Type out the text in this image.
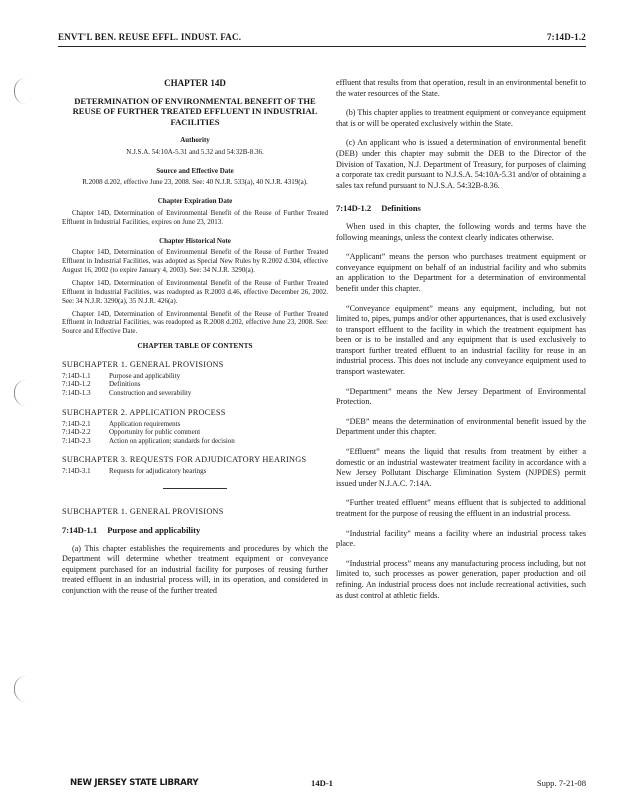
ENVT'L BEN. REUSE EFFL. INDUST. FAC.	7:14D-1.2
CHAPTER 14D
DETERMINATION OF ENVIRONMENTAL BENEFIT OF THE REUSE OF FURTHER TREATED EFFLUENT IN INDUSTRIAL FACILITIES
Authority
N.J.S.A. 54:10A-5.31 and 5.32 and 54:32B-8.36.
Source and Effective Date
R.2008 d.202, effective June 23, 2008. See: 40 N.J.R. 533(a), 40 N.J.R. 4319(a).
Chapter Expiration Date

Chapter 14D, Determination of Environmental Benefit of the Reuse of Further Treated Effluent in Industrial Facilities, expires on June 23, 2013.

Chapter Historical Note

Chapter 14D, Determination of Environmental Benefit of the Reuse of Further Treated Effluent in Industrial Facilities, was adopted as Special New Rules by R.2002 d.304, effective August 16, 2002 (to expire January 4, 2003). See: 34 N.J.R. 3290(a).

Chapter 14D, Determination of Environmental Benefit of the Reuse of Further Treated Effluent in Industrial Facilities, was readopted as R.2003 d.46, effective December 26, 2002. See: 34 N.J.R. 3290(a), 35 N.J.R. 426(a).

Chapter 14D, Determination of Environmental Benefit of the Reuse of Further Treated Effluent in Industrial Facilities, was readopted as R.2008 d.202, effective June 23, 2008. See: Source and Effective Date.

CHAPTER TABLE OF CONTENTS
SUBCHAPTER 1. GENERAL PROVISIONS
7:14D-1.1	Purpose and applicability
7:14D-1.2	Definitions
7:14D-1.3	Construction and severability
SUBCHAPTER 2. APPLICATION PROCESS
7:14D-2.1	Application requirements
7:14D-2.2	Opportunity for public comment
7:14D-2.3	Action on application; standards for decision
SUBCHAPTER 3. REQUESTS FOR ADJUDICATORY HEARINGS
7:14D-3.1	Requests for adjudicatory hearings
SUBCHAPTER 1. GENERAL PROVISIONS
7:14D-1.1 Purpose and applicability
(a) This chapter establishes the requirements and procedures by which the Department will determine whether treatment equipment or conveyance equipment purchased for an industrial facility for purposes of reusing further treated effluent in an industrial process will, in its operation, and considered in conjunction with the reuse of the further treated
effluent that results from that operation, result in an environmental benefit to the water resources of the State.
(b) This chapter applies to treatment equipment or conveyance equipment that is or will be operated exclusively within the State.
(c) An applicant who is issued a determination of environmental benefit (DEB) under this chapter may submit the DEB to the Director of the Division of Taxation, N.J. Department of Treasury, for purposes of claiming a corporate tax credit pursuant to N.J.S.A. 54:10A-5.31 and/or of obtaining a sales tax refund pursuant to N.J.S.A. 54:32B-8.36.
7:14D-1.2 Definitions
When used in this chapter, the following words and terms have the following meanings, unless the context clearly indicates otherwise.
“Applicant” means the person who purchases treatment equipment or conveyance equipment on behalf of an industrial facility and who submits an application to the Department for a determination of environmental benefit under this chapter.
“Conveyance equipment” means any equipment, including, but not limited to, pipes, pumps and/or other appurtenances, that is used exclusively to transport effluent to the facility in which the treatment equipment has been or is to be installed and any equipment that is used exclusively to transport further treated effluent to an industrial facility for reuse in an industrial process. This does not include any conveyance equipment used to transport wastewater.
“Department” means the New Jersey Department of Environmental Protection.
“DEB” means the determination of environmental benefit issued by the Department under this chapter.
“Effluent” means the liquid that results from treatment by either a domestic or an industrial wastewater treatment facility in accordance with a New Jersey Pollutant Discharge Elimination System (NJPDES) permit issued under N.J.A.C. 7:14A.
“Further treated effluent” means effluent that is subjected to additional treatment for the purpose of reusing the effluent in an industrial process.
“Industrial facility” means a facility where an industrial process takes place.
“Industrial process” means any manufacturing process including, but not limited to, such processes as power generation, paper production and oil refining. An industrial process does not include recreational activities, such as dust control at athletic fields.
NEW JERSEY STATE LIBRARY	14D-1	Supp. 7-21-08
